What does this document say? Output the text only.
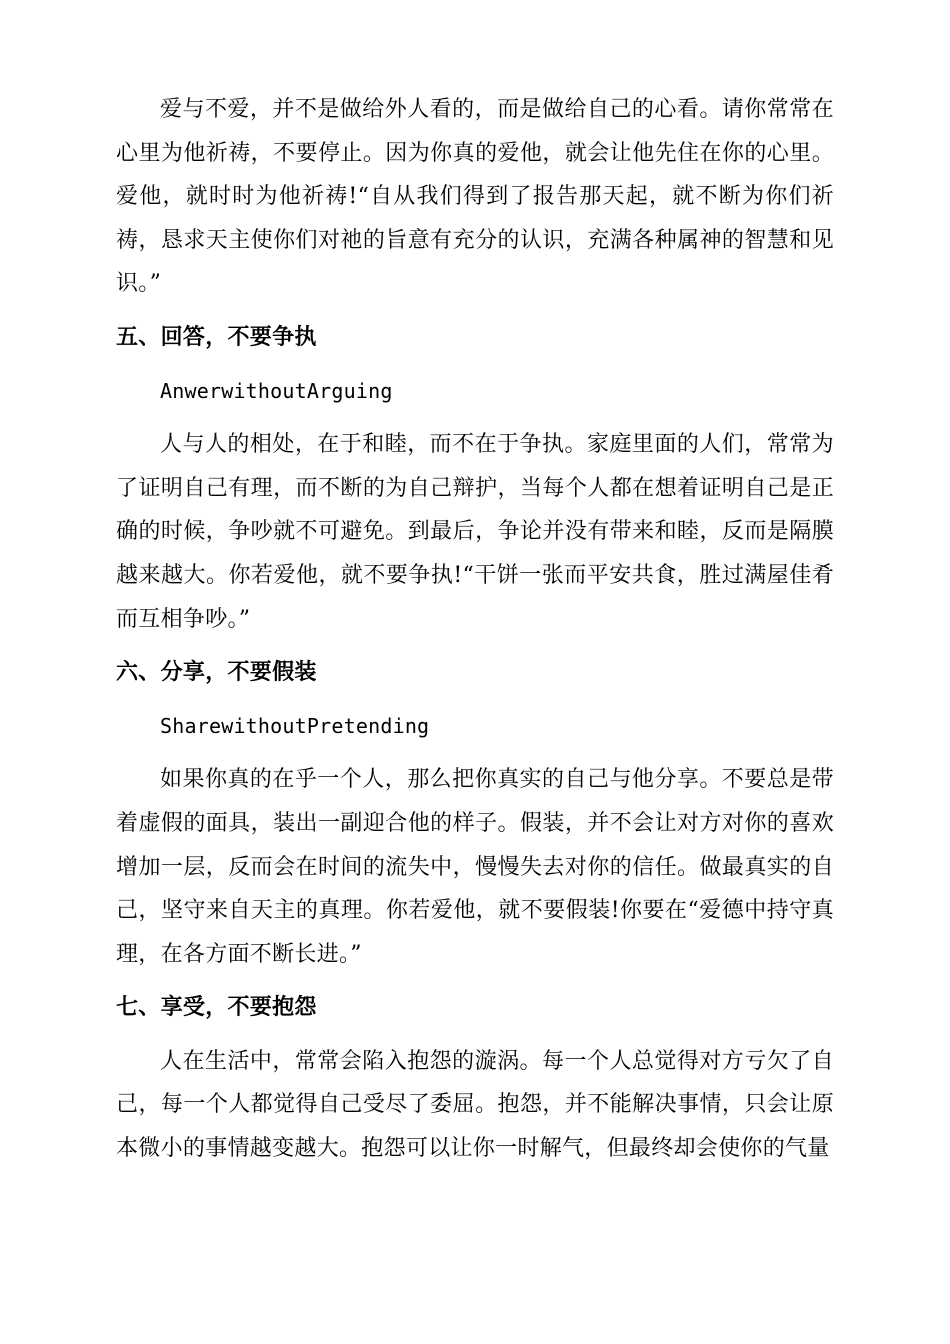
爱与不爱，并不是做给外人看的，而是做给自己的心看。请你常常在心里为他祈祷，不要停止。因为你真的爱他，就会让他先住在你的心里。爱他，就时时为他祈祷!“自从我们得到了报告那天起，就不断为你们祈祷，恳求天主使你们对祂的旨意有充分的认识，充满各种属神的智慧和见识。”

五、回答，不要争执

AnwerwithoutArguing

人与人的相处，在于和睦，而不在于争执。家庭里面的人们，常常为了证明自己有理，而不断的为自己辩护，当每个人都在想着证明自己是正确的时候，争吵就不可避免。到最后，争论并没有带来和睦，反而是隔膜越来越大。你若爱他，就不要争执!“干饼一张而平安共食，胜过满屋佳肴而互相争吵。”

六、分享，不要假装

SharewithoutPretending

如果你真的在乎一个人，那么把你真实的自己与他分享。不要总是带着虚假的面具，装出一副迎合他的样子。假装，并不会让对方对你的喜欢增加一层，反而会在时间的流失中，慢慢失去对你的信任。做最真实的自己，坚守来自天主的真理。你若爱他，就不要假装!你要在“爱德中持守真理，在各方面不断长进。”

七、享受，不要抱怨

人在生活中，常常会陷入抱怨的漩涡。每一个人总觉得对方亏欠了自己，每一个人都觉得自己受尽了委屈。抱怨，并不能解决事情，只会让原本微小的事情越变越大。抱怨可以让你一时解气，但最终却会使你的气量
